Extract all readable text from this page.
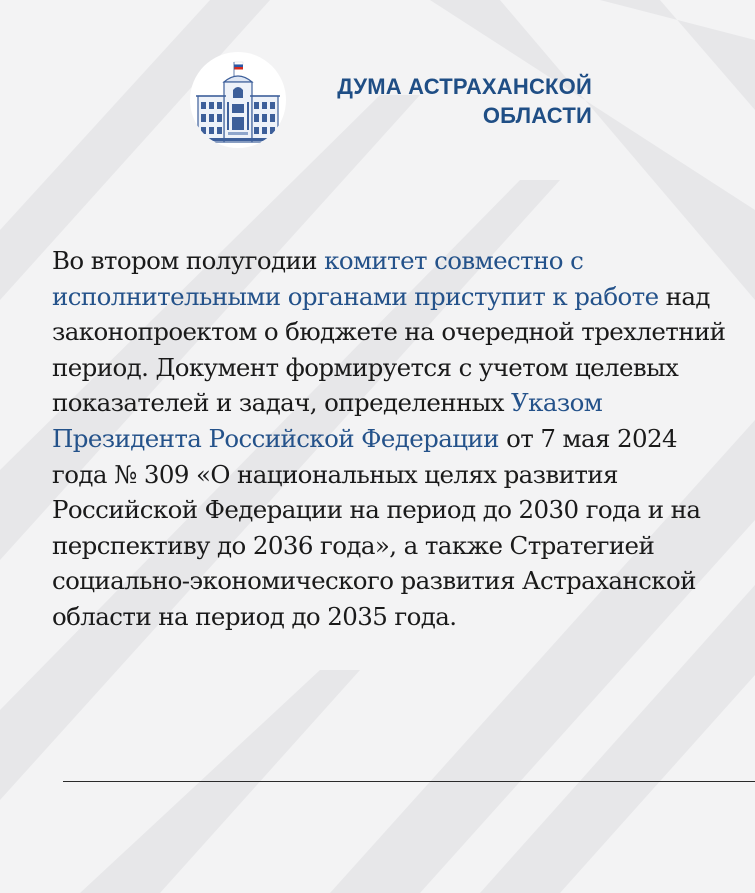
ДУМА АСТРАХАНСКОЙ
ОБЛАСТИ
Во втором полугодии комитет совместно с исполнительными органами приступит к работе над законопроектом о бюджете на очередной трехлетний период. Документ формируется с учетом целевых показателей и задач, определенных Указом Президента Российской Федерации от 7 мая 2024 года № 309 «О национальных целях развития Российской Федерации на период до 2030 года и на перспективу до 2036 года», а также Стратегией социально-экономического развития Астраханской области на период до 2035 года.
